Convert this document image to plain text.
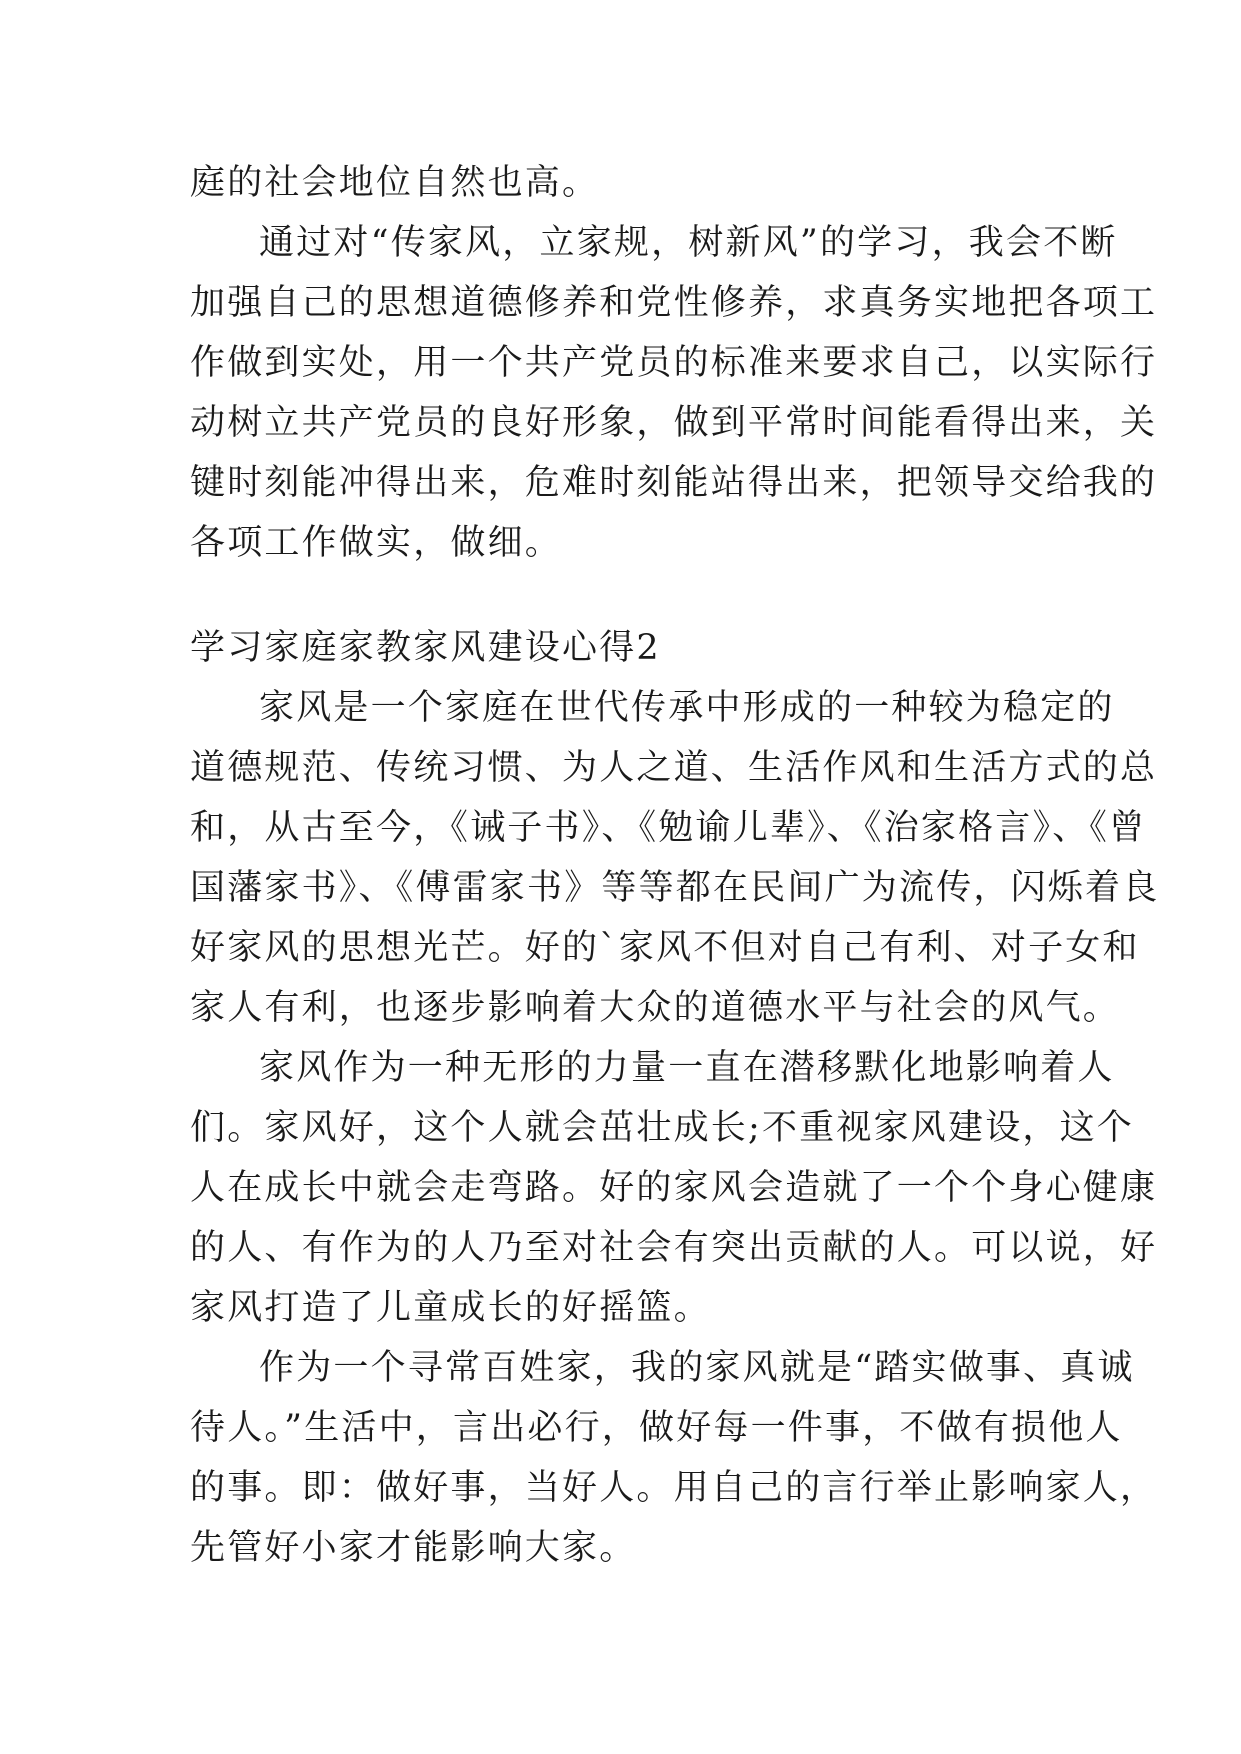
庭的社会地位自然也高。
通过对“传家风，立家规，树新风”的学习，我会不断
加强自己的思想道德修养和党性修养，求真务实地把各项工
作做到实处，用一个共产党员的标准来要求自己，以实际行
动树立共产党员的良好形象，做到平常时间能看得出来，关
键时刻能冲得出来，危难时刻能站得出来，把领导交给我的
各项工作做实，做细。
学习家庭家教家风建设心得2
家风是一个家庭在世代传承中形成的一种较为稳定的
道德规范、传统习惯、为人之道、生活作风和生活方式的总
和，从古至今，《诫子书》、《勉谕儿辈》、《治家格言》、《曾
国藩家书》、《傅雷家书》等等都在民间广为流传，闪烁着良
好家风的思想光芒。好的`家风不但对自己有利、对子女和
家人有利，也逐步影响着大众的道德水平与社会的风气。
家风作为一种无形的力量一直在潜移默化地影响着人
们。家风好，这个人就会茁壮成长;不重视家风建设，这个
人在成长中就会走弯路。好的家风会造就了一个个身心健康
的人、有作为的人乃至对社会有突出贡献的人。可以说，好
家风打造了儿童成长的好摇篮。
作为一个寻常百姓家，我的家风就是“踏实做事、真诚
待人。”生活中，言出必行，做好每一件事，不做有损他人
的事。即：做好事，当好人。用自己的言行举止影响家人，
先管好小家才能影响大家。
